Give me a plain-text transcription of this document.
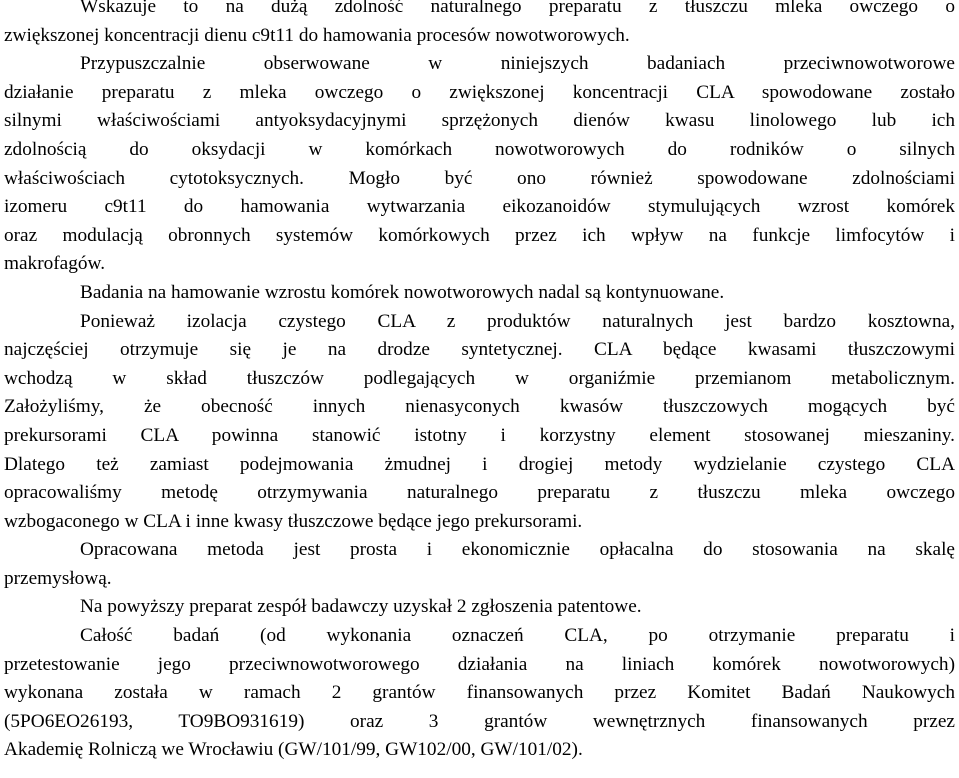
Wskazuje to na dużą zdolność naturalnego preparatu z tłuszczu mleka owczego o
zwiększonej koncentracji dienu c9t11 do hamowania procesów nowotworowych.
Przypuszczalnie obserwowane w niniejszych badaniach przeciwnowotworowe
działanie preparatu z mleka owczego o zwiększonej koncentracji CLA spowodowane zostało
silnymi właściwościami antyoksydacyjnymi sprzężonych dienów kwasu linolowego lub ich
zdolnością do oksydacji w komórkach nowotworowych do rodników o silnych
właściwościach cytotoksycznych. Mogło być ono również spowodowane zdolnościami
izomeru c9t11 do hamowania wytwarzania eikozanoidów stymulujących wzrost komórek
oraz modulacją obronnych systemów komórkowych przez ich wpływ na funkcje limfocytów i
makrofagów.
Badania na hamowanie wzrostu komórek nowotworowych nadal są kontynuowane.
Ponieważ izolacja czystego CLA z produktów naturalnych jest bardzo kosztowna,
najczęściej otrzymuje się je na drodze syntetycznej. CLA będące kwasami tłuszczowymi
wchodzą w skład tłuszczów podlegających w organiźmie przemianom metabolicznym.
Założyliśmy, że obecność innych nienasyconych kwasów tłuszczowych mogących być
prekursorami CLA powinna stanowić istotny i korzystny element stosowanej mieszaniny.
Dlatego też zamiast podejmowania żmudnej i drogiej metody wydzielanie czystego CLA
opracowaliśmy metodę otrzymywania naturalnego preparatu z tłuszczu mleka owczego
wzbogaconego w CLA i inne kwasy tłuszczowe będące jego prekursorami.
Opracowana metoda jest prosta i ekonomicznie opłacalna do stosowania na skalę
przemysłową.
Na powyższy preparat zespół badawczy uzyskał 2 zgłoszenia patentowe.
Całość badań (od wykonania oznaczeń CLA, po otrzymanie preparatu i
przetestowanie jego przeciwnowotworowego działania na liniach komórek nowotworowych)
wykonana została w ramach 2 grantów finansowanych przez Komitet Badań Naukowych
(5PO6EO26193, TO9BO931619) oraz 3 grantów wewnętrznych finansowanych przez
Akademię Rolniczą we Wrocławiu (GW/101/99, GW102/00, GW/101/02).
